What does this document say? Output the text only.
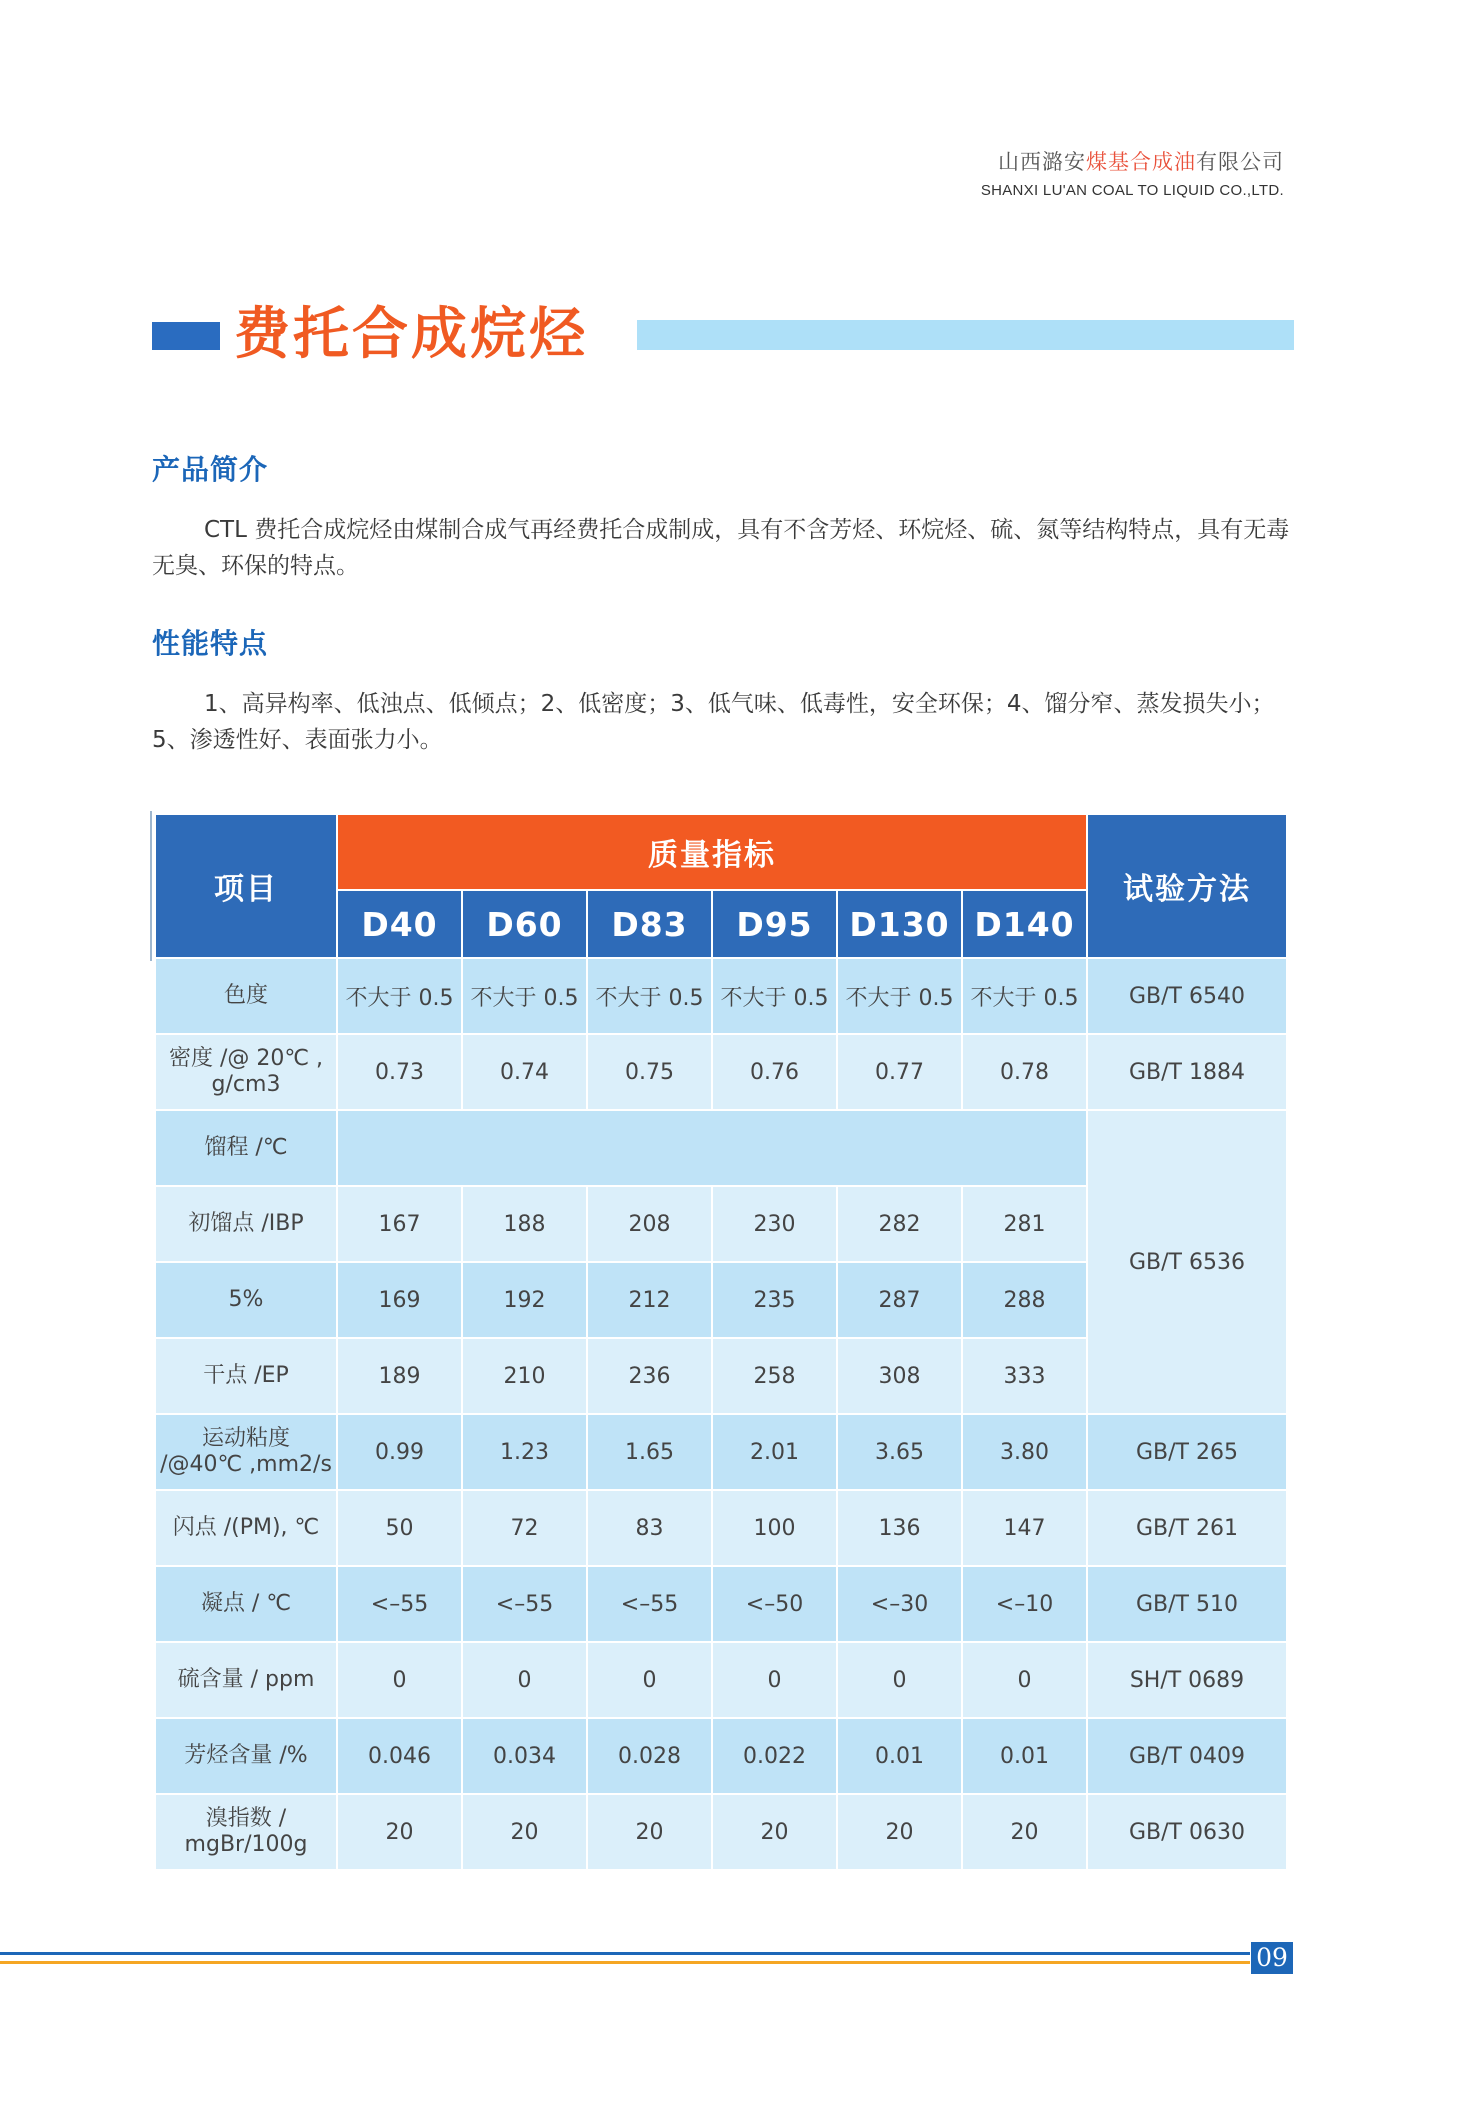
山西潞安煤基合成油有限公司
SHANXI LU'AN COAL TO LIQUID CO.,LTD.
费托合成烷烃
产品简介
CTL 费托合成烷烃由煤制合成气再经费托合成制成，具有不含芳烃、环烷烃、硫、氮等结构特点，具有无毒无臭、环保的特点。
性能特点
1、高异构率、低浊点、低倾点；2、低密度；3、低气味、低毒性，安全环保；4、馏分窄、蒸发损失小；5、渗透性好、表面张力小。
项目	质量指标						试验方法
	D40	D60	D83	D95	D130	D140	
色度	不大于 0.5	不大于 0.5	不大于 0.5	不大于 0.5	不大于 0.5	不大于 0.5	GB/T 6540

密度 /@ 20℃ ,
g/cm3	0.73	0.74	0.75	0.76	0.77	0.78	GB/T 1884
馏程 /℃							GB/T 6536
初馏点 /IBP	167	188	208	230	282	281	
5%	169	192	212	235	287	288	
干点 /EP	189	210	236	258	308	333	

运动粘度
/@40℃ ,mm2/s	0.99	1.23	1.65	2.01	3.65	3.80	GB/T 265
闪点 /(PM), ℃	50	72	83	100	136	147	GB/T 261
凝点 / ℃	<–55	<–55	<–55	<–50	<–30	<–10	GB/T 510
硫含量 / ppm	0	0	0	0	0	0	SH/T 0689
芳烃含量 /%	0.046	0.034	0.028	0.022	0.01	0.01	GB/T 0409

溴指数 /
mgBr/100g	20	20	20	20	20	20	GB/T 0630
09
